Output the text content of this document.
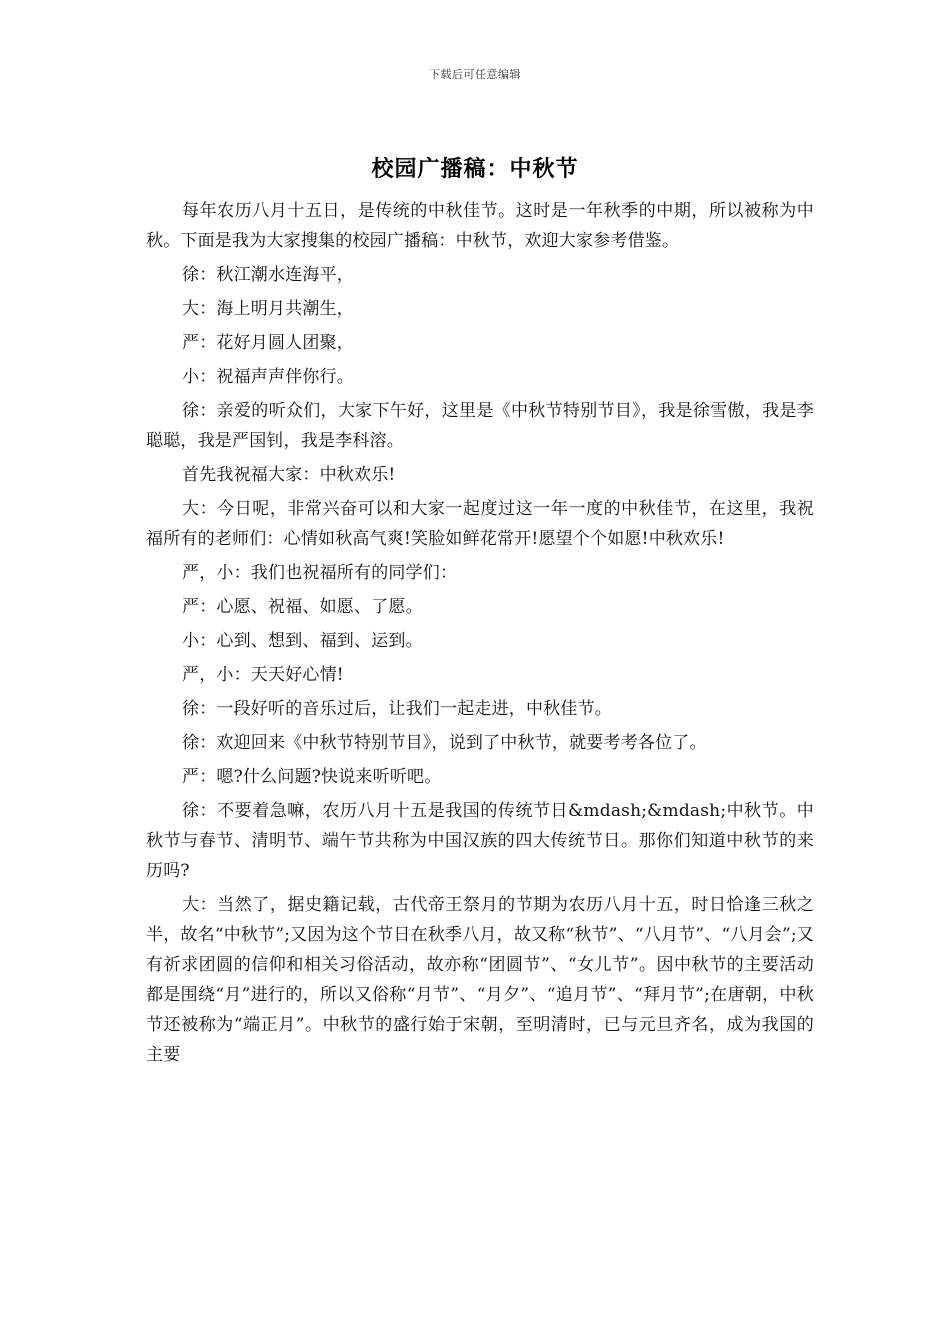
下载后可任意编辑
校园广播稿：中秋节

每年农历八月十五日，是传统的中秋佳节。这时是一年秋季的中期，所以被称为中秋。下面是我为大家搜集的校园广播稿：中秋节，欢迎大家参考借鉴。

徐：秋江潮水连海平，

大：海上明月共潮生，

严：花好月圆人团聚，

小：祝福声声伴你行。

徐：亲爱的听众们，大家下午好，这里是《中秋节特别节目》，我是徐雪傲，我是李聪聪，我是严国钊，我是李科溶。

首先我祝福大家：中秋欢乐!

大：今日呢，非常兴奋可以和大家一起度过这一年一度的中秋佳节，在这里，我祝福所有的老师们：心情如秋高气爽!笑脸如鲜花常开!愿望个个如愿!中秋欢乐!

严，小：我们也祝福所有的同学们：

严：心愿、祝福、如愿、了愿。

小：心到、想到、福到、运到。

严，小：天天好心情!

徐：一段好听的音乐过后，让我们一起走进，中秋佳节。

徐：欢迎回来《中秋节特别节目》，说到了中秋节，就要考考各位了。

严：嗯?什么问题?快说来听听吧。

徐：不要着急嘛，农历八月十五是我国的传统节日&mdash;&mdash;中秋节。中秋节与春节、清明节、端午节共称为中国汉族的四大传统节日。那你们知道中秋节的来历吗?

大：当然了，据史籍记载，古代帝王祭月的节期为农历八月十五，时日恰逢三秋之半，故名“中秋节”;又因为这个节日在秋季八月，故又称“秋节”、“八月节”、“八月会”;又有祈求团圆的信仰和相关习俗活动，故亦称“团圆节”、“女儿节”。因中秋节的主要活动都是围绕“月”进行的，所以又俗称“月节”、“月夕”、“追月节”、“拜月节”;在唐朝，中秋节还被称为“端正月”。中秋节的盛行始于宋朝，至明清时，已与元旦齐名，成为我国的主要
